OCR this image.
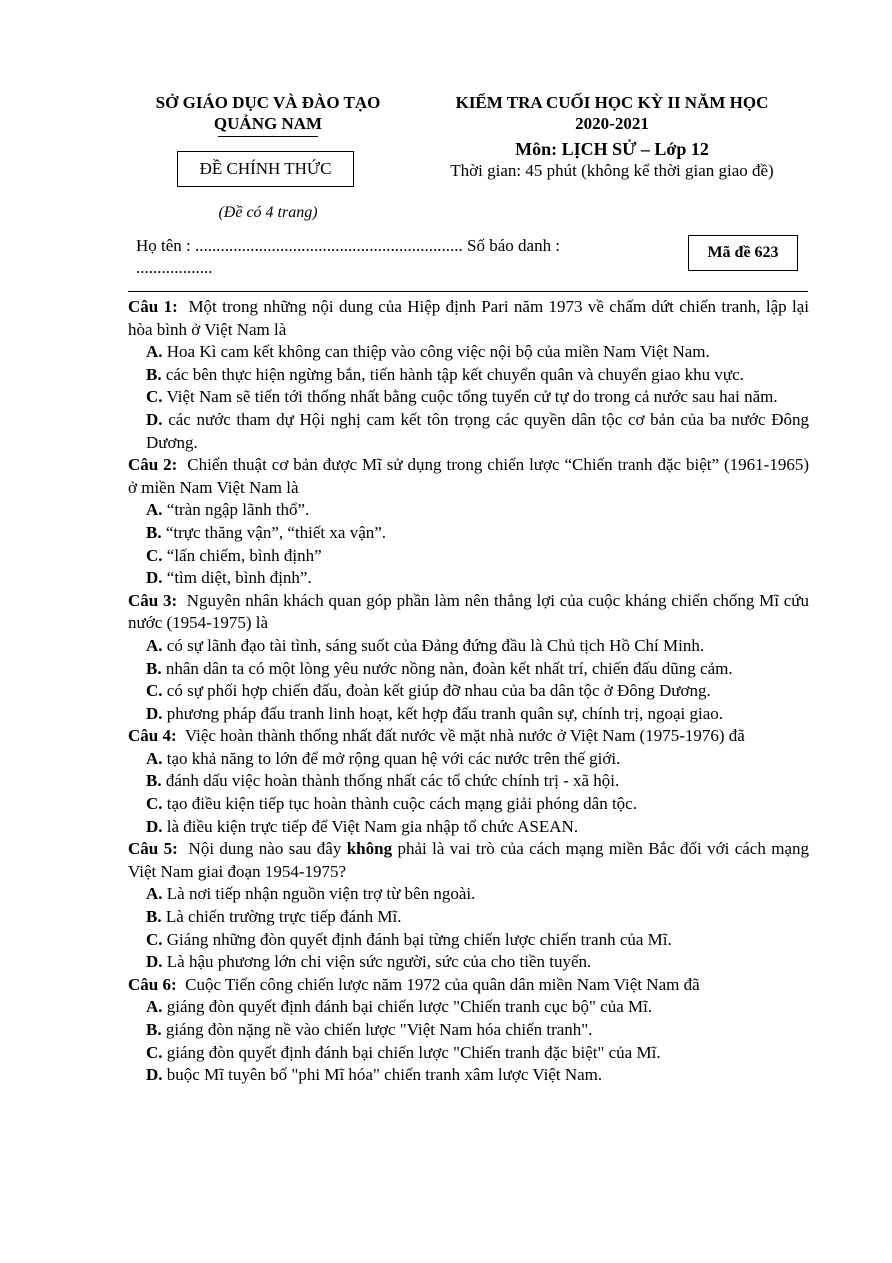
SỞ GIÁO DỤC VÀ ĐÀO TẠO
QUẢNG NAM
ĐỀ CHÍNH THỨC
(Đề có 4 trang)
KIỂM TRA CUỐI HỌC KỲ II NĂM HỌC
2020-2021
Môn: LỊCH SỬ – Lớp 12
Thời gian: 45 phút (không kể thời gian giao đề)
Họ tên : ............................................................... Số báo danh :
..................
Mã đề 623
Câu 1: Một trong những nội dung của Hiệp định Pari năm 1973 về chấm dứt chiến tranh, lập lại hòa bình ở Việt Nam là
A. Hoa Kì cam kết không can thiệp vào công việc nội bộ của miền Nam Việt Nam.
B. các bên thực hiện ngừng bắn, tiến hành tập kết chuyển quân và chuyển giao khu vực.
C. Việt Nam sẽ tiến tới thống nhất bằng cuộc tổng tuyển cử tự do trong cả nước sau hai năm.
D. các nước tham dự Hội nghị cam kết tôn trọng các quyền dân tộc cơ bản của ba nước Đông Dương.
Câu 2: Chiến thuật cơ bản được Mĩ sử dụng trong chiến lược “Chiến tranh đặc biệt” (1961-1965) ở miền Nam Việt Nam là
A. “tràn ngập lãnh thổ”.
B. “trực thăng vận”, “thiết xa vận”.
C. “lấn chiếm, bình định”
D. “tìm diệt, bình định”.
Câu 3: Nguyên nhân khách quan góp phần làm nên thắng lợi của cuộc kháng chiến chống Mĩ cứu nước (1954-1975) là
A. có sự lãnh đạo tài tình, sáng suốt của Đảng đứng đầu là Chủ tịch Hồ Chí Minh.
B. nhân dân ta có một lòng yêu nước nồng nàn, đoàn kết nhất trí, chiến đấu dũng cảm.
C. có sự phối hợp chiến đấu, đoàn kết giúp đỡ nhau của ba dân tộc ở Đông Dương.
D. phương pháp đấu tranh linh hoạt, kết hợp đấu tranh quân sự, chính trị, ngoại giao.
Câu 4: Việc hoàn thành thống nhất đất nước về mặt nhà nước ở Việt Nam (1975-1976) đã
A. tạo khả năng to lớn để mở rộng quan hệ với các nước trên thế giới.
B. đánh dấu việc hoàn thành thống nhất các tổ chức chính trị - xã hội.
C. tạo điều kiện tiếp tục hoàn thành cuộc cách mạng giải phóng dân tộc.
D. là điều kiện trực tiếp để Việt Nam gia nhập tổ chức ASEAN.
Câu 5: Nội dung nào sau đây không phải là vai trò của cách mạng miền Bắc đối với cách mạng Việt Nam giai đoạn 1954-1975?
A. Là nơi tiếp nhận nguồn viện trợ từ bên ngoài.
B. Là chiến trường trực tiếp đánh Mĩ.
C. Giáng những đòn quyết định đánh bại từng chiến lược chiến tranh của Mĩ.
D. Là hậu phương lớn chi viện sức người, sức của cho tiền tuyến.
Câu 6: Cuộc Tiến công chiến lược năm 1972 của quân dân miền Nam Việt Nam đã
A. giáng đòn quyết định đánh bại chiến lược "Chiến tranh cục bộ" của Mĩ.
B. giáng đòn nặng nề vào chiến lược "Việt Nam hóa chiến tranh".
C. giáng đòn quyết định đánh bại chiến lược "Chiến tranh đặc biệt" của Mĩ.
D. buộc Mĩ tuyên bố "phi Mĩ hóa" chiến tranh xâm lược Việt Nam.
